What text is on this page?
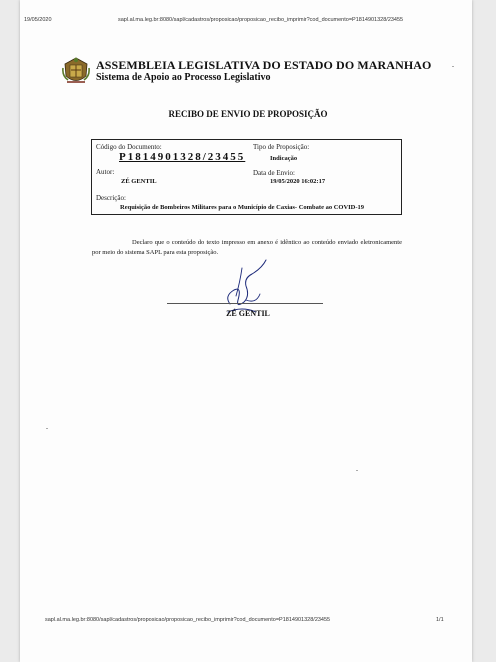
19/05/2020	sapl.al.ma.leg.br:8080/sapl/cadastros/proposicao/proposicao_recibo_imprimir?cod_documento=P1814901328/23455
ASSEMBLEIA LEGISLATIVA DO ESTADO DO MARANHAO
Sistema de Apoio ao Processo Legislativo
RECIBO DE ENVIO DE PROPOSIÇÃO
Código do Documento:
P1814901328/23455
Tipo de Proposição:
Indicação
Autor:
ZÉ GENTIL
Data de Envio:
19/05/2020 16:02:17
Descrição:
Requisição de Bombeiros Militares para o Município de Caxias- Combate ao COVID-19
Declaro que o conteúdo do texto impresso em anexo é idêntico ao conteúdo enviado eletronicamente por meio do sistema SAPL para esta proposição.
ZÉ GENTIL
sapl.al.ma.leg.br:8080/sapl/cadastros/proposicao/proposicao_recibo_imprimir?cod_documento=P1814901328/23455	1/1
